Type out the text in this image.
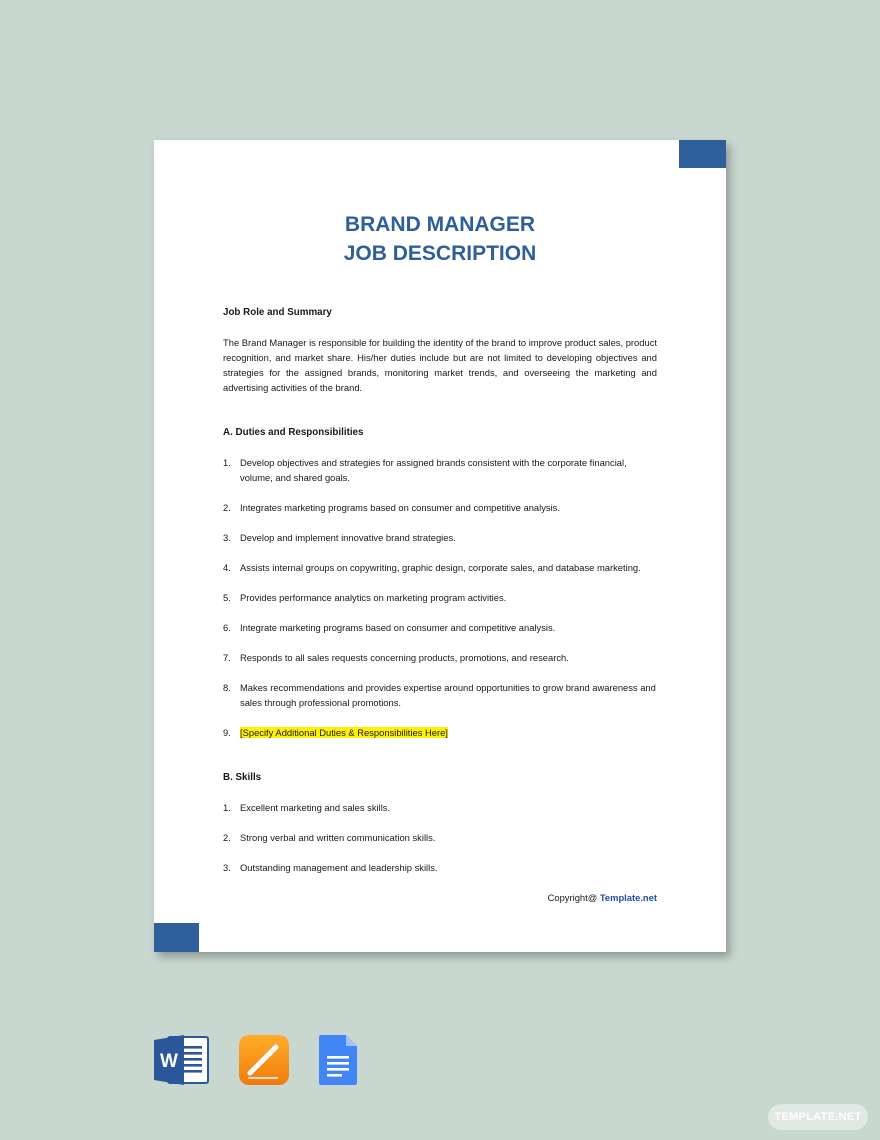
BRAND MANAGER
JOB DESCRIPTION
Job Role and Summary
The Brand Manager is responsible for building the identity of the brand to improve product sales, product recognition, and market share. His/her duties include but are not limited to developing objectives and strategies for the assigned brands, monitoring market trends, and overseeing the marketing and advertising activities of the brand.
A. Duties and Responsibilities
1. Develop objectives and strategies for assigned brands consistent with the corporate financial, volume, and shared goals.
2. Integrates marketing programs based on consumer and competitive analysis.
3. Develop and implement innovative brand strategies.
4. Assists internal groups on copywriting, graphic design, corporate sales, and database marketing.
5. Provides performance analytics on marketing program activities.
6. Integrate marketing programs based on consumer and competitive analysis.
7. Responds to all sales requests concerning products, promotions, and research.
8. Makes recommendations and provides expertise around opportunities to grow brand awareness and sales through professional promotions.
9. [Specify Additional Duties & Responsibilities Here]
B. Skills
1. Excellent marketing and sales skills.
2. Strong verbal and written communication skills.
3. Outstanding management and leadership skills.
Copyright@ Template.net
W
TEMPLATE.NET
